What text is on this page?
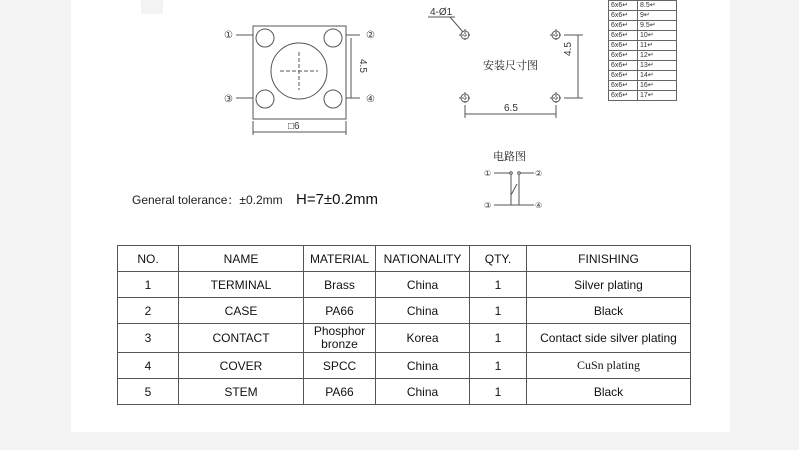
①	②
③	④
4.5
□6
4-Ø1
安装尺寸图
4.5
6.5
6x6↵	8.5↵
6x6↵	9↵
6x6↵	9.5↵
6x6↵	10↵
6x6↵	11↵
6x6↵	12↵
6x6↵	13↵
6x6↵	14↵
6x6↵	16↵
6x6↵	17↵
电路图
①	②
③	④
General tolerance：±0.2mm H=7±0.2mm
NO.	NAME	MATERIAL	NATIONALITY	QTY.	FINISHING
1	TERMINAL	Brass	China	1	Silver plating
2	CASE	PA66	China	1	Black
3	CONTACT	Phosphor bronze	Korea	1	Contact side silver plating
4	COVER	SPCC	China	1	CuSn plating
5	STEM	PA66	China	1	Black
